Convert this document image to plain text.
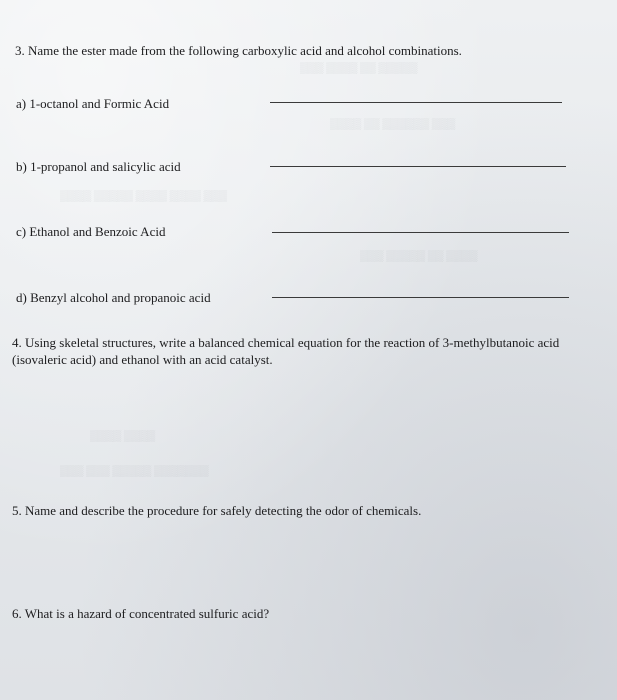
▒▒▒ ▒▒▒▒ ▒▒ ▒▒▒▒▒
▒▒▒▒ ▒▒ ▒▒▒▒▒▒ ▒▒▒
▒▒▒▒ ▒▒▒▒▒ ▒▒▒▒ ▒▒▒▒ ▒▒▒
▒▒▒ ▒▒▒▒▒ ▒▒ ▒▒▒▒
▒▒▒▒ ▒▒▒▒
▒▒▒ ▒▒▒ ▒▒▒▒▒ ▒▒▒▒▒▒▒
3. Name the ester made from the following carboxylic acid and alcohol combinations.
a) 1-octanol and Formic Acid
b) 1-propanol and salicylic acid
c) Ethanol and Benzoic Acid
d) Benzyl alcohol and propanoic acid
4. Using skeletal structures, write a balanced chemical equation for the reaction of 3-methylbutanoic acid (isovaleric acid) and ethanol with an acid catalyst.
5. Name and describe the procedure for safely detecting the odor of chemicals.
6. What is a hazard of concentrated sulfuric acid?
